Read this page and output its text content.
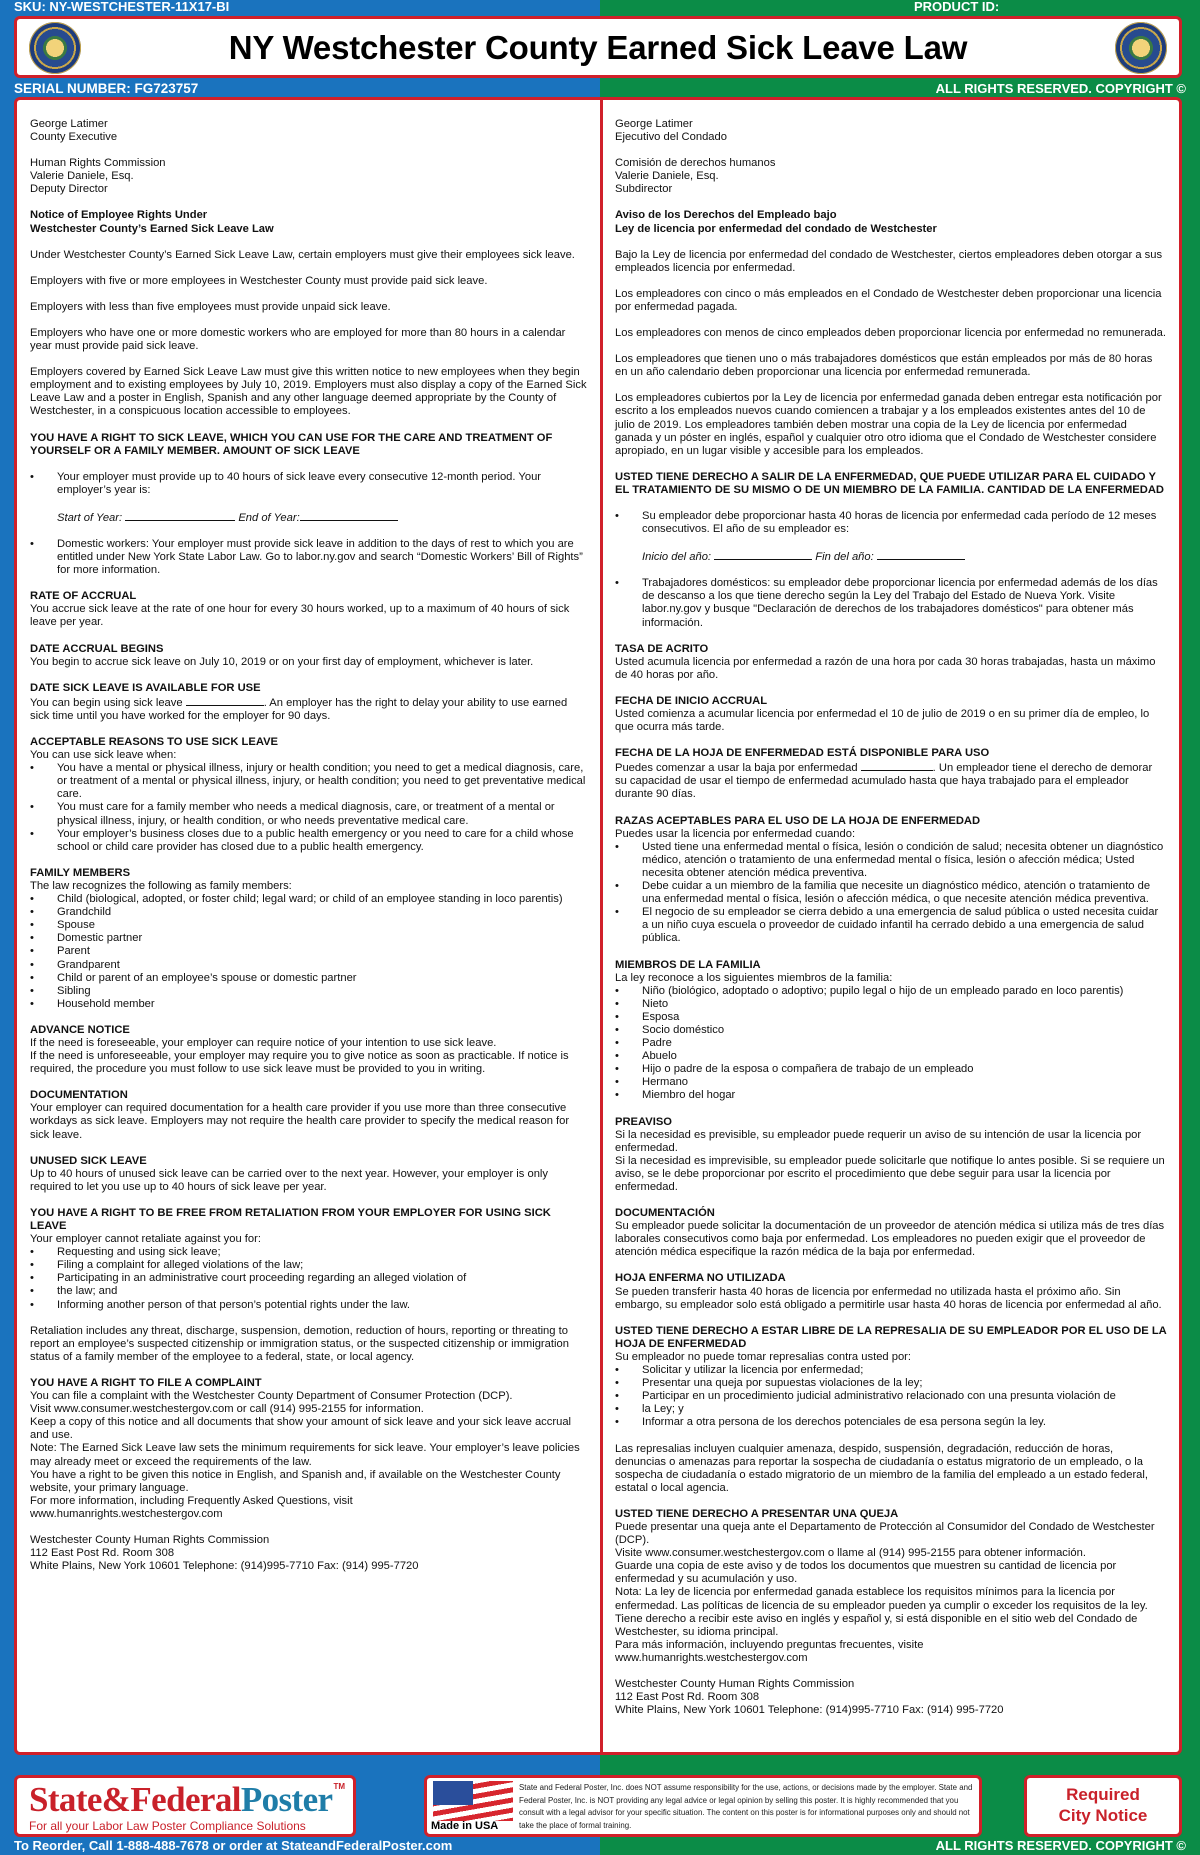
SKU: NY-WESTCHESTER-11X17-BI	PRODUCT ID:
NY Westchester County Earned Sick Leave Law
SERIAL NUMBER: FG723757	ALL RIGHTS RESERVED. COPYRIGHT ©

George Latimer
County Executive

Human Rights Commission
Valerie Daniele, Esq.
Deputy Director

Notice of Employee Rights Under
Westchester County’s Earned Sick Leave Law

Under Westchester County’s Earned Sick Leave Law, certain employers must give their employees sick leave.

Employers with five or more employees in Westchester County must provide paid sick leave.

Employers with less than five employees must provide unpaid sick leave.

Employers who have one or more domestic workers who are employed for more than 80 hours in a calendar year must provide paid sick leave.

Employers covered by Earned Sick Leave Law must give this written notice to new employees when they begin employment and to existing employees by July 10, 2019. Employers must also display a copy of the Earned Sick Leave Law and a poster in English, Spanish and any other language deemed appropriate by the County of Westchester, in a conspicuous location accessible to employees.

YOU HAVE A RIGHT TO SICK LEAVE, WHICH YOU CAN USE FOR THE CARE AND TREATMENT OF YOURSELF OR A FAMILY MEMBER. AMOUNT OF SICK LEAVE

• Your employer must provide up to 40 hours of sick leave every consecutive 12-month period. Your employer’s year is:

Start of Year:	End of Year:

• Domestic workers: Your employer must provide sick leave in addition to the days of rest to which you are entitled under New York State Labor Law. Go to labor.ny.gov and search “Domestic Workers’ Bill of Rights” for more information.

RATE OF ACCRUAL

You accrue sick leave at the rate of one hour for every 30 hours worked, up to a maximum of 40 hours of sick leave per year.

DATE ACCRUAL BEGINS

You begin to accrue sick leave on July 10, 2019 or on your first day of employment, whichever is later.

DATE SICK LEAVE IS AVAILABLE FOR USE

You can begin using sick leave	. An employer has the right to delay your ability to use earned sick time until you have worked for the employer for 90 days.

ACCEPTABLE REASONS TO USE SICK LEAVE

You can use sick leave when:
• You have a mental or physical illness, injury or health condition; you need to get a medical diagnosis, care, or treatment of a mental or physical illness, injury, or health condition; you need to get preventative medical care.
• You must care for a family member who needs a medical diagnosis, care, or treatment of a mental or physical illness, injury, or health condition, or who needs preventative medical care.
• Your employer’s business closes due to a public health emergency or you need to care for a child whose school or child care provider has closed due to a public health emergency.

FAMILY MEMBERS

The law recognizes the following as family members:
• Child (biological, adopted, or foster child; legal ward; or child of an employee standing in loco parentis)
• Grandchild
• Spouse
• Domestic partner
• Parent
• Grandparent
• Child or parent of an employee’s spouse or domestic partner
• Sibling
• Household member

ADVANCE NOTICE

If the need is foreseeable, your employer can require notice of your intention to use sick leave.

If the need is unforeseeable, your employer may require you to give notice as soon as practicable. If notice is required, the procedure you must follow to use sick leave must be provided to you in writing.

DOCUMENTATION

Your employer can required documentation for a health care provider if you use more than three consecutive workdays as sick leave. Employers may not require the health care provider to specify the medical reason for sick leave.

UNUSED SICK LEAVE

Up to 40 hours of unused sick leave can be carried over to the next year. However, your employer is only required to let you use up to 40 hours of sick leave per year.

YOU HAVE A RIGHT TO BE FREE FROM RETALIATION FROM YOUR EMPLOYER FOR USING SICK LEAVE

Your employer cannot retaliate against you for:
• Requesting and using sick leave;
• Filing a complaint for alleged violations of the law;
• Participating in an administrative court proceeding regarding an alleged violation of
• the law; and
• Informing another person of that person’s potential rights under the law.

Retaliation includes any threat, discharge, suspension, demotion, reduction of hours, reporting or threating to report an employee’s suspected citizenship or immigration status, or the suspected citizenship or immigration status of a family member of the employee to a federal, state, or local agency.

YOU HAVE A RIGHT TO FILE A COMPLAINT

You can file a complaint with the Westchester County Department of Consumer Protection (DCP).
Visit www.consumer.westchestergov.com or call (914) 995-2155 for information.
Keep a copy of this notice and all documents that show your amount of sick leave and your sick leave accrual and use.
Note: The Earned Sick Leave law sets the minimum requirements for sick leave. Your employer’s leave policies may already meet or exceed the requirements of the law.
You have a right to be given this notice in English, and Spanish and, if available on the Westchester County website, your primary language.
For more information, including Frequently Asked Questions, visit

www.humanrights.westchestergov.com

Westchester County Human Rights Commission
112 East Post Rd. Room 308
White Plains, New York 10601 Telephone: (914)995-7710 Fax: (914) 995-7720

George Latimer
Ejecutivo del Condado

Comisión de derechos humanos
Valerie Daniele, Esq.
Subdirector

Aviso de los Derechos del Empleado bajo
Ley de licencia por enfermedad del condado de Westchester

Bajo la Ley de licencia por enfermedad del condado de Westchester, ciertos empleadores deben otorgar a sus empleados licencia por enfermedad.

Los empleadores con cinco o más empleados en el Condado de Westchester deben proporcionar una licencia por enfermedad pagada.

Los empleadores con menos de cinco empleados deben proporcionar licencia por enfermedad no remunerada.

Los empleadores que tienen uno o más trabajadores domésticos que están empleados por más de 80 horas en un año calendario deben proporcionar una licencia por enfermedad remunerada.

Los empleadores cubiertos por la Ley de licencia por enfermedad ganada deben entregar esta notificación por escrito a los empleados nuevos cuando comiencen a trabajar y a los empleados existentes antes del 10 de julio de 2019. Los empleadores también deben mostrar una copia de la Ley de licencia por enfermedad ganada y un póster en inglés, español y cualquier otro otro idioma que el Condado de Westchester considere apropiado, en un lugar visible y accesible para los empleados.

USTED TIENE DERECHO A SALIR DE LA ENFERMEDAD, QUE PUEDE UTILIZAR PARA EL CUIDADO Y EL TRATAMIENTO DE SU MISMO O DE UN MIEMBRO DE LA FAMILIA. CANTIDAD DE LA ENFERMEDAD

• Su empleador debe proporcionar hasta 40 horas de licencia por enfermedad cada período de 12 meses consecutivos. El año de su empleador es:

Inicio del año:	Fin del año:

• Trabajadores domésticos: su empleador debe proporcionar licencia por enfermedad además de los días de descanso a los que tiene derecho según la Ley del Trabajo del Estado de Nueva York. Visite labor.ny.gov y busque "Declaración de derechos de los trabajadores domésticos" para obtener más información.

TASA DE ACRITO

Usted acumula licencia por enfermedad a razón de una hora por cada 30 horas trabajadas, hasta un máximo de 40 horas por año.

FECHA DE INICIO ACCRUAL

Usted comienza a acumular licencia por enfermedad el 10 de julio de 2019 o en su primer día de empleo, lo que ocurra más tarde.

FECHA DE LA HOJA DE ENFERMEDAD ESTÁ DISPONIBLE PARA USO

Puedes comenzar a usar la baja por enfermedad	. Un empleador tiene el derecho de demorar su capacidad de usar el tiempo de enfermedad acumulado hasta que haya trabajado para el empleador durante 90 días.

RAZAS ACEPTABLES PARA EL USO DE LA HOJA DE ENFERMEDAD

Puedes usar la licencia por enfermedad cuando:
• Usted tiene una enfermedad mental o física, lesión o condición de salud; necesita obtener un diagnóstico médico, atención o tratamiento de una enfermedad mental o física, lesión o afección médica; Usted necesita obtener atención médica preventiva.
• Debe cuidar a un miembro de la familia que necesite un diagnóstico médico, atención o tratamiento de una enfermedad mental o física, lesión o afección médica, o que necesite atención médica preventiva.
• El negocio de su empleador se cierra debido a una emergencia de salud pública o usted necesita cuidar a un niño cuya escuela o proveedor de cuidado infantil ha cerrado debido a una emergencia de salud pública.

MIEMBROS DE LA FAMILIA

La ley reconoce a los siguientes miembros de la familia:
• Niño (biológico, adoptado o adoptivo; pupilo legal o hijo de un empleado parado en loco parentis)
• Nieto
• Esposa
• Socio doméstico
• Padre
• Abuelo
• Hijo o padre de la esposa o compañera de trabajo de un empleado
• Hermano
• Miembro del hogar

PREAVISO

Si la necesidad es previsible, su empleador puede requerir un aviso de su intención de usar la licencia por enfermedad.

Si la necesidad es imprevisible, su empleador puede solicitarle que notifique lo antes posible. Si se requiere un aviso, se le debe proporcionar por escrito el procedimiento que debe seguir para usar la licencia por enfermedad.

DOCUMENTACIÓN

Su empleador puede solicitar la documentación de un proveedor de atención médica si utiliza más de tres días laborales consecutivos como baja por enfermedad. Los empleadores no pueden exigir que el proveedor de atención médica especifique la razón médica de la baja por enfermedad.

HOJA ENFERMA NO UTILIZADA

Se pueden transferir hasta 40 horas de licencia por enfermedad no utilizada hasta el próximo año. Sin embargo, su empleador solo está obligado a permitirle usar hasta 40 horas de licencia por enfermedad al año.

USTED TIENE DERECHO A ESTAR LIBRE DE LA REPRESALIA DE SU EMPLEADOR POR EL USO DE LA HOJA DE ENFERMEDAD

Su empleador no puede tomar represalias contra usted por:
• Solicitar y utilizar la licencia por enfermedad;
• Presentar una queja por supuestas violaciones de la ley;
• Participar en un procedimiento judicial administrativo relacionado con una presunta violación de
• la Ley; y
• Informar a otra persona de los derechos potenciales de esa persona según la ley.

Las represalias incluyen cualquier amenaza, despido, suspensión, degradación, reducción de horas, denuncias o amenazas para reportar la sospecha de ciudadanía o estatus migratorio de un empleado, o la sospecha de ciudadanía o estado migratorio de un miembro de la familia del empleado a un estado federal, estatal o local agencia.

USTED TIENE DERECHO A PRESENTAR UNA QUEJA

Puede presentar una queja ante el Departamento de Protección al Consumidor del Condado de Westchester (DCP).
Visite www.consumer.westchestergov.com o llame al (914) 995-2155 para obtener información.
Guarde una copia de este aviso y de todos los documentos que muestren su cantidad de licencia por enfermedad y su acumulación y uso.
Nota: La ley de licencia por enfermedad ganada establece los requisitos mínimos para la licencia por enfermedad. Las políticas de licencia de su empleador pueden ya cumplir o exceder los requisitos de la ley.
Tiene derecho a recibir este aviso en inglés y español y, si está disponible en el sitio web del Condado de Westchester, su idioma principal.
Para más información, incluyendo preguntas frecuentes, visite

www.humanrights.westchestergov.com

Westchester County Human Rights Commission
112 East Post Rd. Room 308
White Plains, New York 10601 Telephone: (914)995-7710 Fax: (914) 995-7720

State&FederalPoster TM
For all your Labor Law Poster Compliance Solutions	Made in USA
State and Federal Poster, Inc. does NOT assume responsibility for the use, actions, or decisions made by the employer. State and Federal Poster, Inc. is NOT providing any legal advice or legal opinion by selling this poster. It is highly recommended that you consult with a legal advisor for your specific situation. The content on this poster is for informational purposes only and should not take the place of formal training.
Required
City Notice
To Reorder, Call 1-888-488-7678 or order at StateandFederalPoster.com	ALL RIGHTS RESERVED. COPYRIGHT ©
